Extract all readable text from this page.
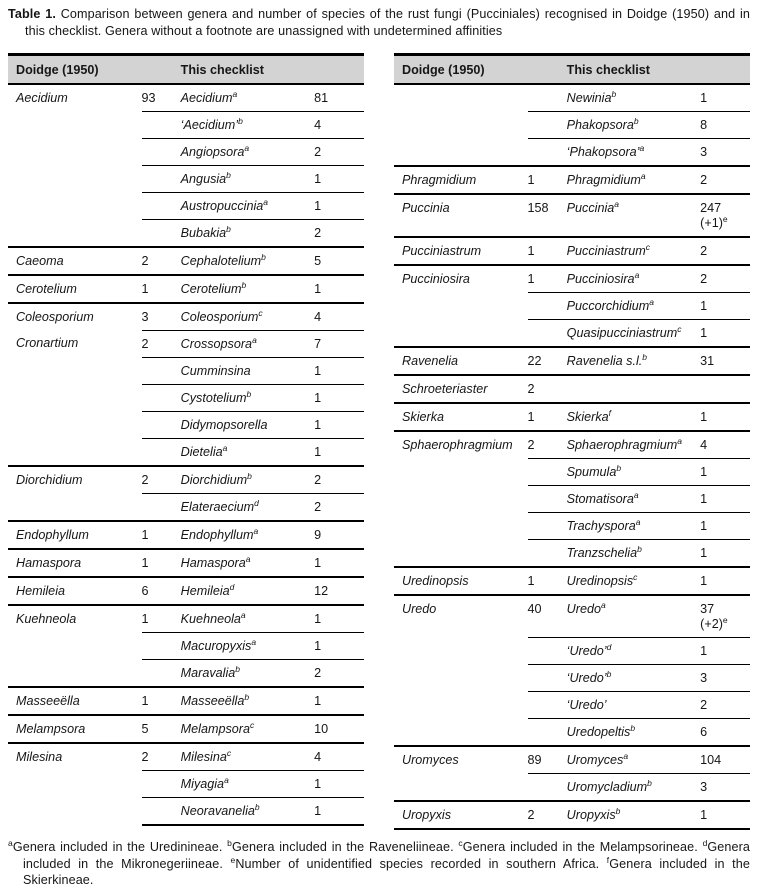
Table 1. Comparison between genera and number of species of the rust fungi (Pucciniales) recognised in Doidge (1950) and in this checklist. Genera without a footnote are unassigned with undetermined affinities
Doidge (1950)	This checklist
Aecidium	93	Aecidium$^a$	81
‘Aecidium’$^b$	4
Angiopsora$^a$	2
Angusia$^b$	1
Austropuccinia$^a$	1
Bubakia$^b$	2
Caeoma	2	Cephalotelium$^b$	5
Cerotelium	1	Cerotelium$^b$	1
Coleosporium	3	Coleosporium$^c$	4
Cronartium	2	Crossopsora$^a$	7
Cumminsina	1
Cystotelium$^b$	1
Didymopsorella	1
Dietelia$^a$	1
Diorchidium	2	Diorchidium$^b$	2
Elateraecium$^d$	2
Endophyllum	1	Endophyllum$^a$	9
Hamaspora	1	Hamaspora$^a$	1
Hemileia	6	Hemileia$^d$	12
Kuehneola	1	Kuehneola$^a$	1
Macuropyxis$^a$	1
Maravalia$^b$	2
Masseeëlla	1	Masseeëlla$^b$	1
Melampsora	5	Melampsora$^c$	10
Milesina	2	Milesina$^c$	4
Miyagia$^a$	1
Neoravanelia$^b$	1
Doidge (1950)	This checklist
Newinia$^b$	1
Phakopsora$^b$	8
‘Phakopsora’$^a$	3
Phragmidium	1	Phragmidium$^a$	2
Puccinia	158	Puccinia$^a$	247
$(+1)^e$
Pucciniastrum	1	Pucciniastrum$^c$	2
Pucciniosira	1	Pucciniosira$^a$	2
Puccorchidium$^a$	1
Quasipucciniastrum$^c$	1
Ravenelia	22	Ravenelia s.l.$^b$	31
Schroeteriaster	2
Skierka	1	Skierka$^f$	1
Sphaerophragmium	2	Sphaerophragmium$^a$	4
Spumula$^b$	1
Stomatisora$^a$	1
Trachyspora$^a$	1
Tranzschelia$^b$	1
Uredinopsis	1	Uredinopsis$^c$	1
Uredo	40	Uredo$^a$	37
$(+2)^e$
‘Uredo’$^d$	1
‘Uredo’$^b$	3
‘Uredo’	2
Uredopeltis$^b$	6
Uromyces	89	Uromyces$^a$	104
Uromycladium$^b$	3
Uropyxis	2	Uropyxis$^b$	1
$^a$Genera included in the Uredinineae. $^b$Genera included in the Raveneliineae. $^c$Genera included in the Melampsorineae. $^d$Genera included in the Mikronegeriineae. $^e$Number of unidentified species recorded in southern Africa. $^f$Genera included in the Skierkineae.
